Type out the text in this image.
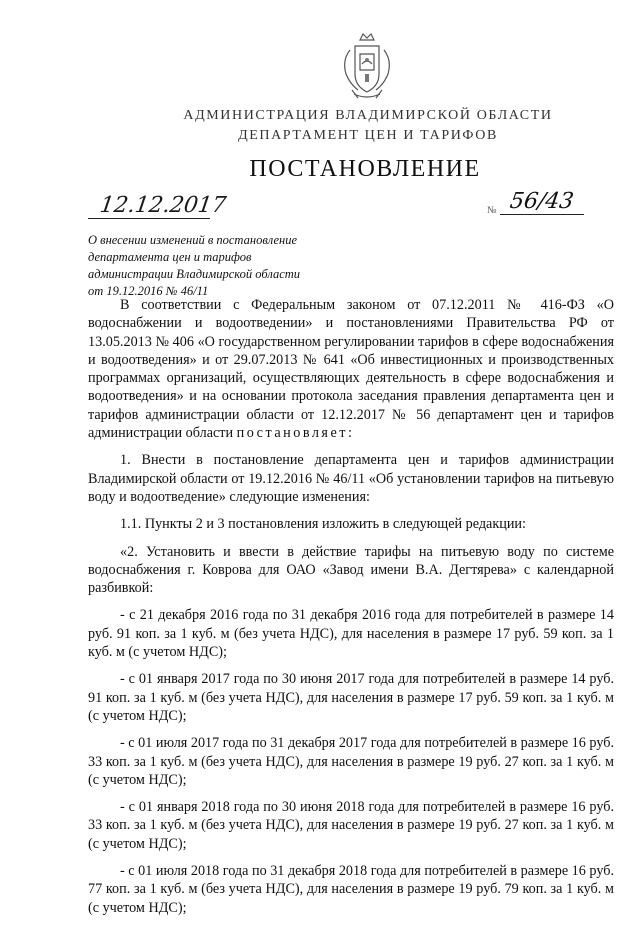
АДМИНИСТРАЦИЯ ВЛАДИМИРСКОЙ ОБЛАСТИ
ДЕПАРТАМЕНТ ЦЕН И ТАРИФОВ
ПОСТАНОВЛЕНИЕ
12.12.2017	№ 56/43
О внесении изменений в постановление
департамента цен и тарифов
администрации Владимирской области
от 19.12.2016 № 46/11

В соответствии с Федеральным законом от 07.12.2011 № 416-ФЗ «О водоснабжении и водоотведении» и постановлениями Правительства РФ от 13.05.2013 № 406 «О государственном регулировании тарифов в сфере водоснабжения и водоотведения» и от 29.07.2013 № 641 «Об инвестиционных и производственных программах организаций, осуществляющих деятельность в сфере водоснабжения и водоотведения» и на основании протокола заседания правления департамента цен и тарифов администрации области от 12.12.2017 № 56 департамент цен и тарифов администрации области постановляет:

1. Внести в постановление департамента цен и тарифов администрации Владимирской области от 19.12.2016 № 46/11 «Об установлении тарифов на питьевую воду и водоотведение» следующие изменения:

1.1. Пункты 2 и 3 постановления изложить в следующей редакции:

«2. Установить и ввести в действие тарифы на питьевую воду по системе водоснабжения г. Коврова для ОАО «Завод имени В.А. Дегтярева» с календарной разбивкой:

- с 21 декабря 2016 года по 31 декабря 2016 года для потребителей в размере 14 руб. 91 коп. за 1 куб. м (без учета НДС), для населения в размере 17 руб. 59 коп. за 1 куб. м (с учетом НДС);

- с 01 января 2017 года по 30 июня 2017 года для потребителей в размере 14 руб. 91 коп. за 1 куб. м (без учета НДС), для населения в размере 17 руб. 59 коп. за 1 куб. м (с учетом НДС);

- с 01 июля 2017 года по 31 декабря 2017 года для потребителей в размере 16 руб. 33 коп. за 1 куб. м (без учета НДС), для населения в размере 19 руб. 27 коп. за 1 куб. м (с учетом НДС);

- с 01 января 2018 года по 30 июня 2018 года для потребителей в размере 16 руб. 33 коп. за 1 куб. м (без учета НДС), для населения в размере 19 руб. 27 коп. за 1 куб. м (с учетом НДС);

- с 01 июля 2018 года по 31 декабря 2018 года для потребителей в размере 16 руб. 77 коп. за 1 куб. м (без учета НДС), для населения в размере 19 руб. 79 коп. за 1 куб. м (с учетом НДС);
